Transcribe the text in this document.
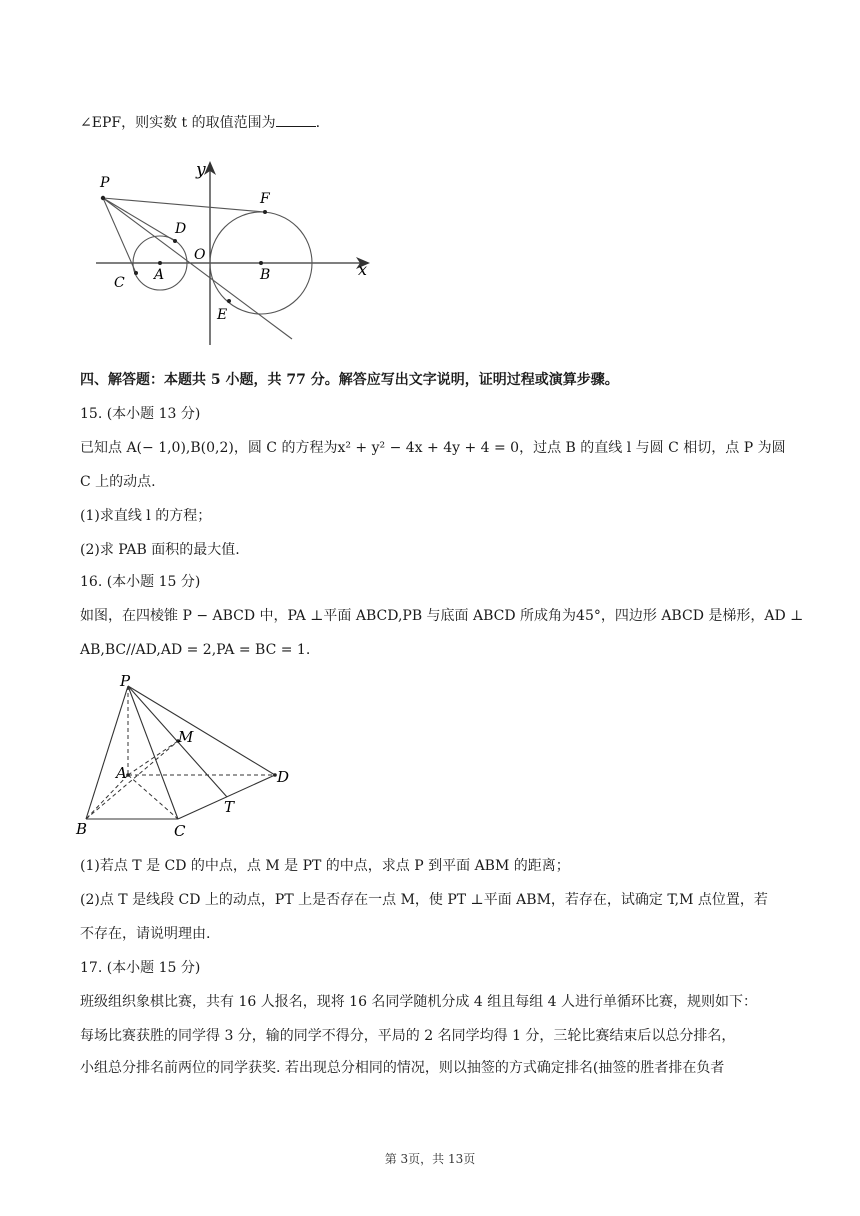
∠EPF，则实数 t 的取值范围为	.
P
D
F
y
O
C A	B	x
E
四、解答题：本题共 5 小题，共 77 分。解答应写出文字说明，证明过程或演算步骤。
15. (本小题 13 分)
已知点 A(− 1,0),B(0,2)，圆 C 的方程为x² + y² − 4x + 4y + 4 = 0，过点 B 的直线 l 与圆 C 相切，点 P 为圆
C 上的动点.
(1)求直线 l 的方程；
(2)求 PAB 面积的最大值.
16. (本小题 15 分)
如图，在四棱锥 P − ABCD 中，PA ⊥平面 ABCD,PB 与底面 ABCD 所成角为45°，四边形 ABCD 是梯形，AD ⊥
AB,BC//AD,AD = 2,PA = BC = 1.
P
M
A	D
T
B	C
(1)若点 T 是 CD 的中点，点 M 是 PT 的中点，求点 P 到平面 ABM 的距离；
(2)点 T 是线段 CD 上的动点，PT 上是否存在一点 M，使 PT ⊥平面 ABM，若存在，试确定 T,M 点位置，若
不存在，请说明理由.
17. (本小题 15 分)
班级组织象棋比赛，共有 16 人报名，现将 16 名同学随机分成 4 组且每组 4 人进行单循环比赛，规则如下：
每场比赛获胜的同学得 3 分，输的同学不得分，平局的 2 名同学均得 1 分，三轮比赛结束后以总分排名，
小组总分排名前两位的同学获奖. 若出现总分相同的情况，则以抽签的方式确定排名(抽签的胜者排在负者
第 3页，共 13页
